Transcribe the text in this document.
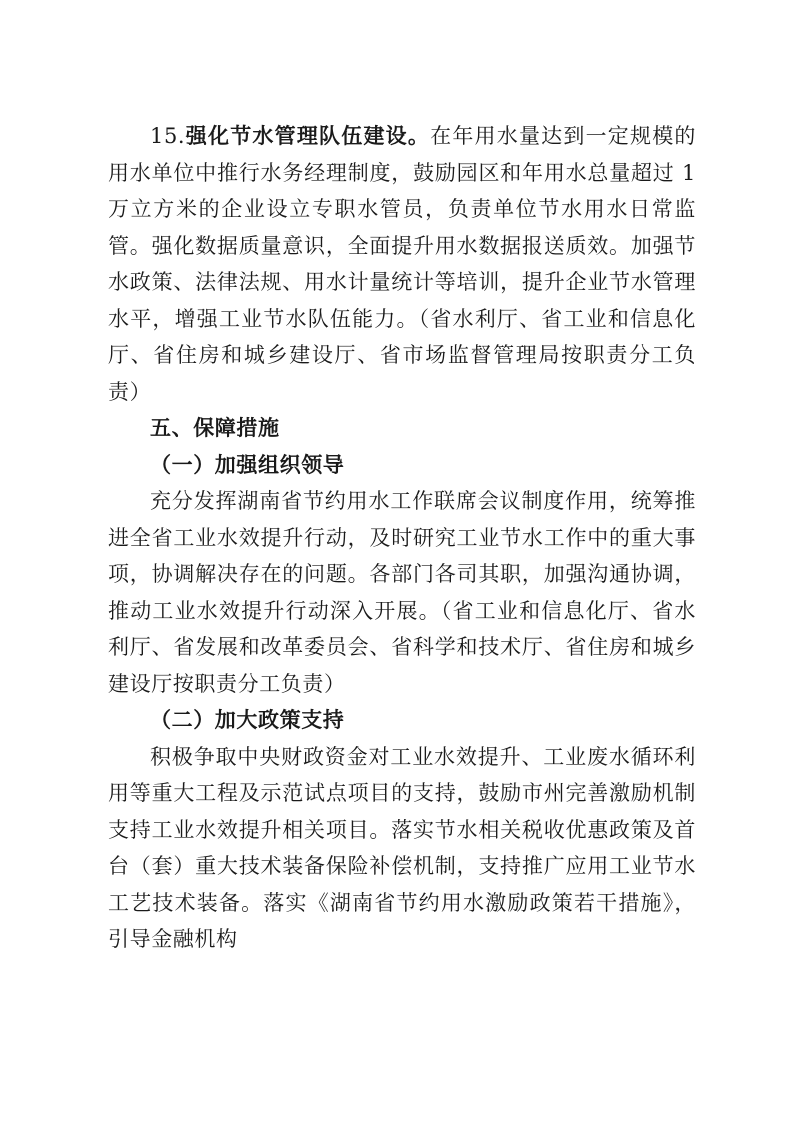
15.强化节水管理队伍建设。在年用水量达到一定规模的用水单位中推行水务经理制度，鼓励园区和年用水总量超过 1 万立方米的企业设立专职水管员，负责单位节水用水日常监管。强化数据质量意识，全面提升用水数据报送质效。加强节水政策、法律法规、用水计量统计等培训，提升企业节水管理水平，增强工业节水队伍能力。（省水利厅、省工业和信息化厅、省住房和城乡建设厅、省市场监督管理局按职责分工负责）

五、保障措施

（一）加强组织领导

充分发挥湖南省节约用水工作联席会议制度作用，统筹推进全省工业水效提升行动，及时研究工业节水工作中的重大事项，协调解决存在的问题。各部门各司其职，加强沟通协调，推动工业水效提升行动深入开展。（省工业和信息化厅、省水利厅、省发展和改革委员会、省科学和技术厅、省住房和城乡建设厅按职责分工负责）

（二）加大政策支持

积极争取中央财政资金对工业水效提升、工业废水循环利用等重大工程及示范试点项目的支持，鼓励市州完善激励机制支持工业水效提升相关项目。落实节水相关税收优惠政策及首台（套）重大技术装备保险补偿机制，支持推广应用工业节水工艺技术装备。落实《湖南省节约用水激励政策若干措施》，引导金融机构
